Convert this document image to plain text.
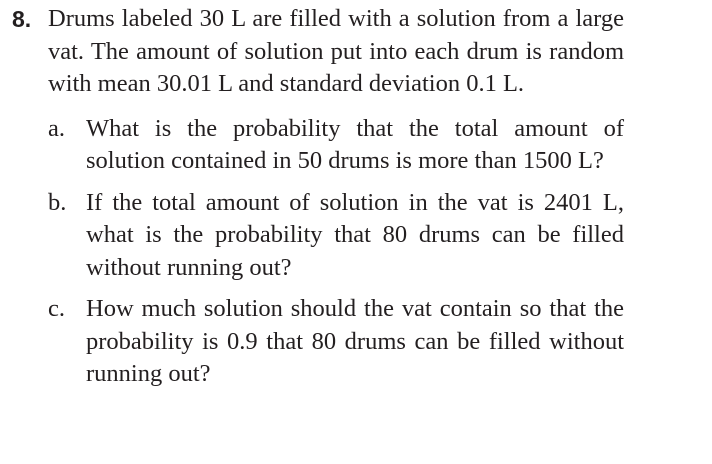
8. Drums labeled 30 L are filled with a solution from a large vat. The amount of solution put into each drum is random with mean 30.01 L and standard deviation 0.1 L.
a. What is the probability that the total amount of solution contained in 50 drums is more than 1500 L?
b. If the total amount of solution in the vat is 2401 L, what is the probability that 80 drums can be filled without running out?
c. How much solution should the vat contain so that the probability is 0.9 that 80 drums can be filled without running out?
